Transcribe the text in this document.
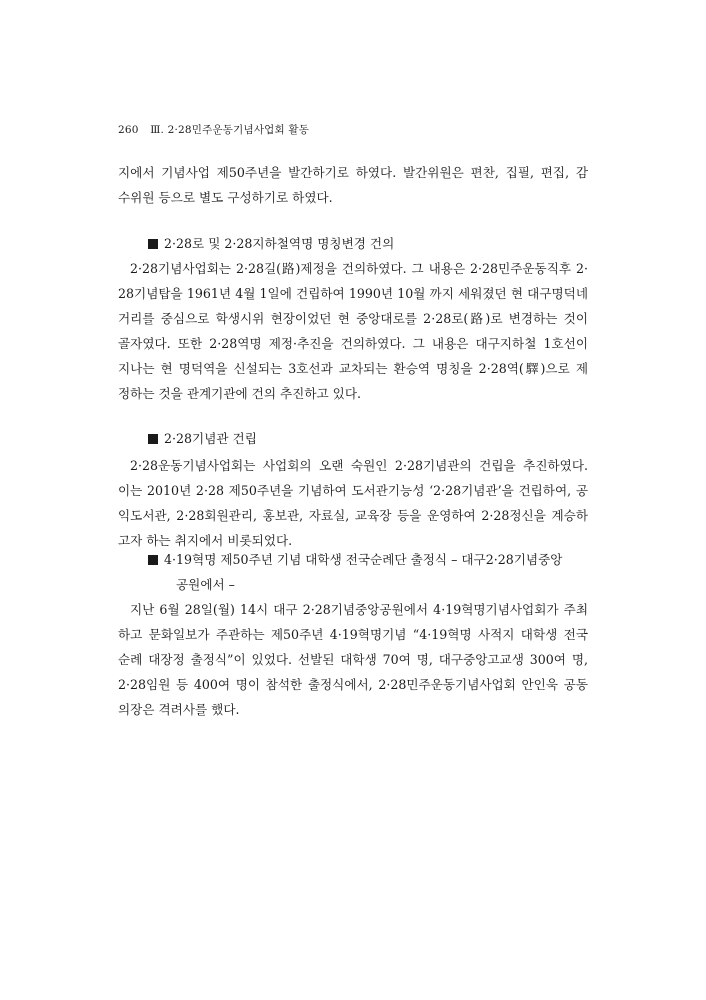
260 Ⅲ. 2·28민주운동기념사업회 활동
지에서 기념사업 제50주년을 발간하기로 하였다. 발간위원은 편찬, 집필, 편집, 감
수위원 등으로 별도 구성하기로 하였다.
2·28로 및 2·28지하철역명 명칭변경 건의
2·28기념사업회는 2·28길(路)제정을 건의하였다. 그 내용은 2·28민주운동직후 2·
28기념탑을 1961년 4월 1일에 건립하여 1990년 10월 까지 세워졌던 현 대구명덕네
거리를 중심으로 학생시위 현장이었던 현 중앙대로를 2·28로(路)로 변경하는 것이
골자였다. 또한 2·28역명 제정·추진을 건의하였다. 그 내용은 대구지하철 1호선이
지나는 현 명덕역을 신설되는 3호선과 교차되는 환승역 명칭을 2·28역(驛)으로 제
정하는 것을 관계기관에 건의 추진하고 있다.
2·28기념관 건립
2·28운동기념사업회는 사업회의 오랜 숙원인 2·28기념관의 건립을 추진하였다.
이는 2010년 2·28 제50주년을 기념하여 도서관기능성 ‘2·28기념관’을 건립하여, 공
익도서관, 2·28회원관리, 홍보관, 자료실, 교육장 등을 운영하여 2·28정신을 계승하
고자 하는 취지에서 비롯되었다.
4·19혁명 제50주년 기념 대학생 전국순례단 출정식 – 대구2·28기념중앙
공원에서 –
지난 6월 28일(월) 14시 대구 2·28기념중앙공원에서 4·19혁명기념사업회가 주최
하고 문화일보가 주관하는 제50주년 4·19혁명기념 “4·19혁명 사적지 대학생 전국
순례 대장정 출정식”이 있었다. 선발된 대학생 70여 명, 대구중앙고교생 300여 명,
2·28임원 등 400여 명이 참석한 출정식에서, 2·28민주운동기념사업회 안인욱 공동
의장은 격려사를 했다.
